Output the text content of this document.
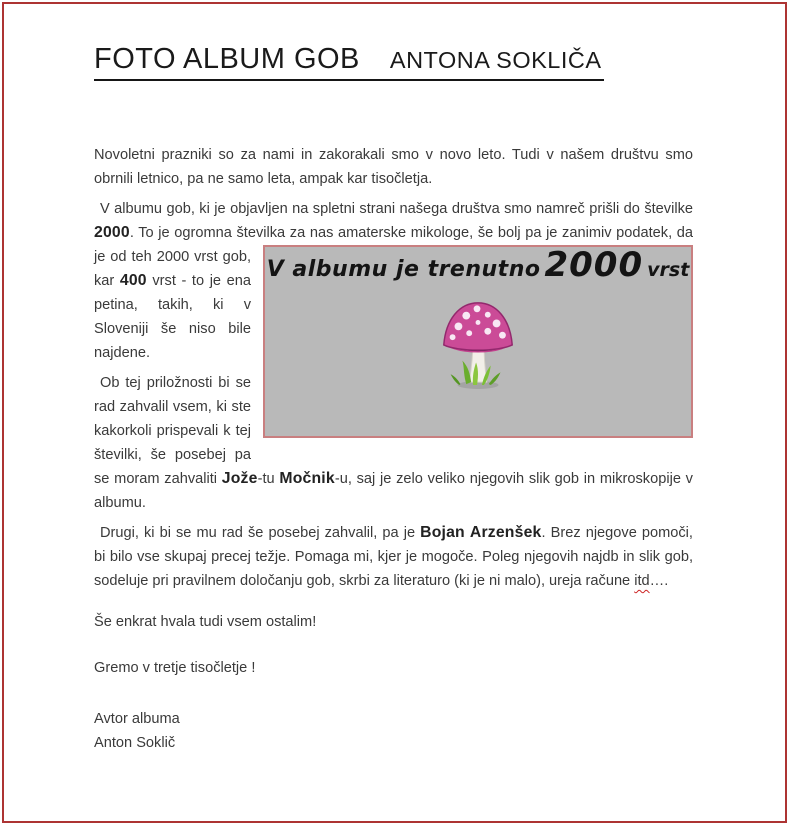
FOTO ALBUM GOB ANTONA SOKLIČA
Novoletni prazniki so za nami in zakorakali smo v novo leto. Tudi v našem društvu smo obrnili letnico, pa ne samo leta, ampak kar tisočletja.
V albumu gob, ki je objavljen na spletni strani našega društva smo namreč prišli do številke 2000. To je ogromna številka za nas amaterske mikologe, še bolj pa je zanimiv
V albumu je trenutno 2000 vrst
podatek, da je od teh 2000 vrst gob, kar 400 vrst - to je ena petina, takih, ki v Sloveniji še niso bile najdene.
Ob tej priložnosti bi se rad zahvalil vsem, ki ste kakorkoli prispevali k tej številki, še posebej pa se moram zahvaliti Jože-tu Močnik-u, saj je zelo veliko njegovih slik gob in mikroskopije v albumu.
Drugi, ki bi se mu rad še posebej zahvalil, pa je Bojan Arzenšek. Brez njegove pomoči, bi bilo vse skupaj precej težje. Pomaga mi, kjer je mogoče. Poleg njegovih najdb in slik gob, sodeluje pri pravilnem določanju gob, skrbi za literaturo (ki je ni malo), ureja račune itd….
Še enkrat hvala tudi vsem ostalim!
Gremo v tretje tisočletje !
Avtor albuma
Anton Soklič
